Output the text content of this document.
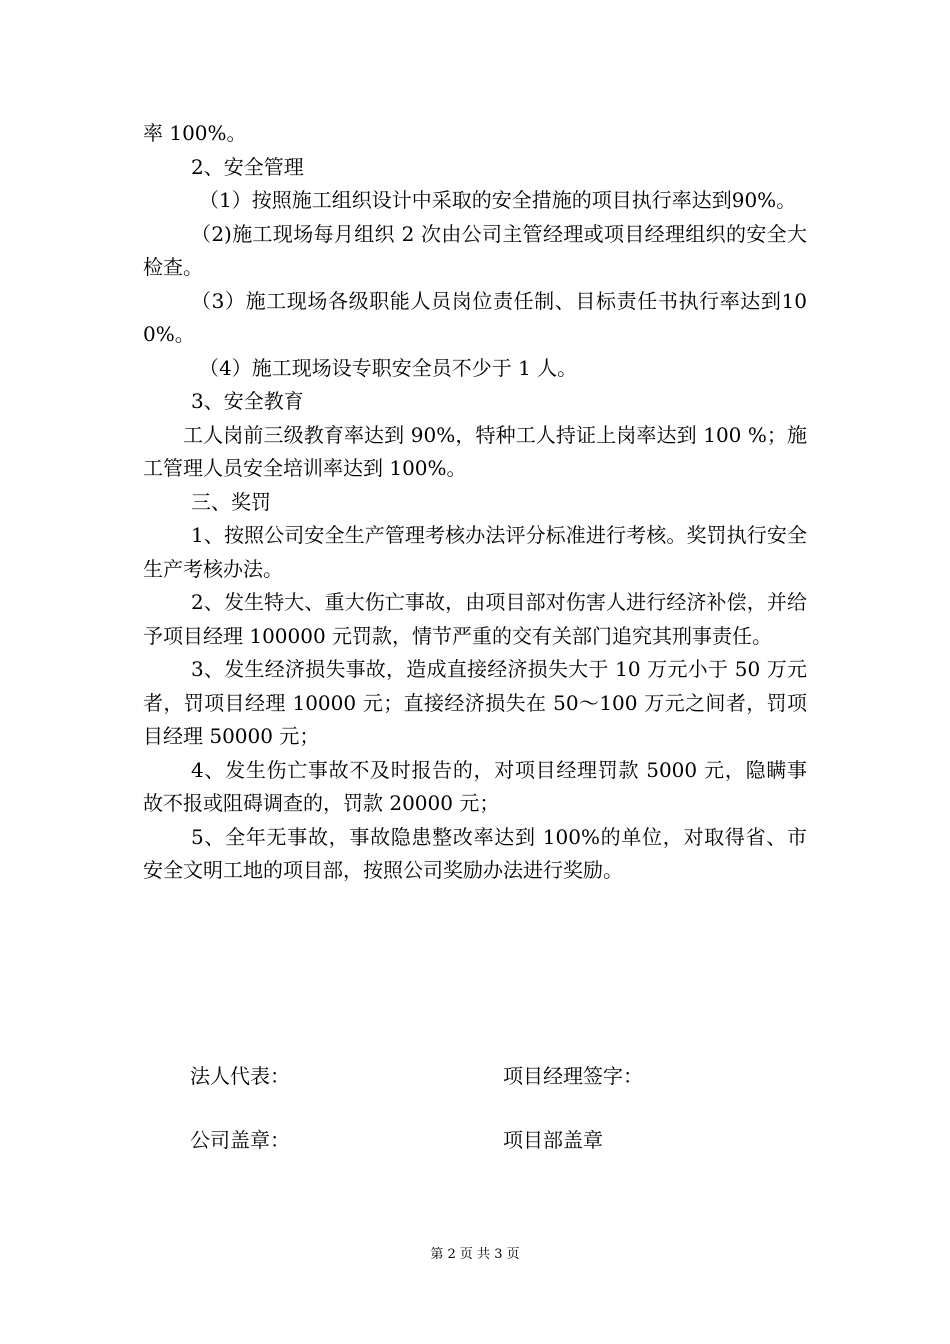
率 100%。

2、安全管理

（1）按照施工组织设计中采取的安全措施的项目执行率达到90%。

（2)施工现场每月组织 2 次由公司主管经理或项目经理组织的安全大检查。

（3）施工现场各级职能人员岗位责任制、目标责任书执行率达到100%。

（4）施工现场设专职安全员不少于 1 人。

3、安全教育

工人岗前三级教育率达到 90%，特种工人持证上岗率达到 100 %；施工管理人员安全培训率达到 100%。

三、奖罚

1、按照公司安全生产管理考核办法评分标准进行考核。奖罚执行安全生产考核办法。

2、发生特大、重大伤亡事故，由项目部对伤害人进行经济补偿，并给予项目经理 100000 元罚款，情节严重的交有关部门追究其刑事责任。

3、发生经济损失事故，造成直接经济损失大于 10 万元小于 50 万元者，罚项目经理 10000 元；直接经济损失在 50～100 万元之间者，罚项目经理 50000 元；

4、发生伤亡事故不及时报告的，对项目经理罚款 5000 元，隐瞒事故不报或阻碍调查的，罚款 20000 元；

5、全年无事故，事故隐患整改率达到 100%的单位，对取得省、市安全文明工地的项目部，按照公司奖励办法进行奖励。

法人代表：	项目经理签字：
公司盖章：	项目部盖章
第 2 页 共 3 页
